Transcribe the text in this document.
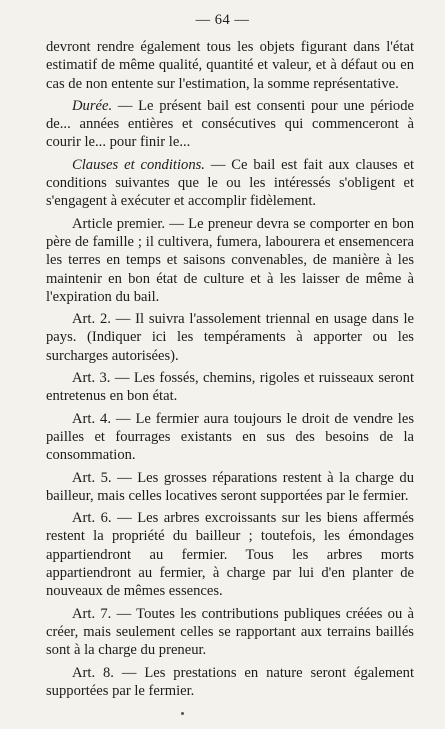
— 64 —

devront rendre également tous les objets figurant dans l'état estimatif de même qualité, quantité et valeur, et à défaut ou en cas de non entente sur l'estimation, la somme représentative.

Durée. — Le présent bail est consenti pour une période de... années entières et consécutives qui commenceront à courir le... pour finir le...

Clauses et conditions. — Ce bail est fait aux clauses et conditions suivantes que le ou les intéressés s'obligent et s'engagent à exécuter et accomplir fidèlement.

Article premier. — Le preneur devra se comporter en bon père de famille ; il cultivera, fumera, labourera et ensemencera les terres en temps et saisons convenables, de manière à les maintenir en bon état de culture et à les laisser de même à l'expiration du bail.

Art. 2. — Il suivra l'assolement triennal en usage dans le pays. (Indiquer ici les tempéraments à apporter ou les surcharges autorisées).

Art. 3. — Les fossés, chemins, rigoles et ruisseaux seront entretenus en bon état.

Art. 4. — Le fermier aura toujours le droit de vendre les pailles et fourrages existants en sus des besoins de la consommation.

Art. 5. — Les grosses réparations restent à la charge du bailleur, mais celles locatives seront supportées par le fermier.

Art. 6. — Les arbres excroissants sur les biens affermés restent la propriété du bailleur ; toutefois, les émondages appartiendront au fermier. Tous les arbres morts appartiendront au fermier, à charge par lui d'en planter de nouveaux de mêmes essences.

Art. 7. — Toutes les contributions publiques créées ou à créer, mais seulement celles se rapportant aux terrains baillés sont à la charge du preneur.

Art. 8. — Les prestations en nature seront également supportées par le fermier.
